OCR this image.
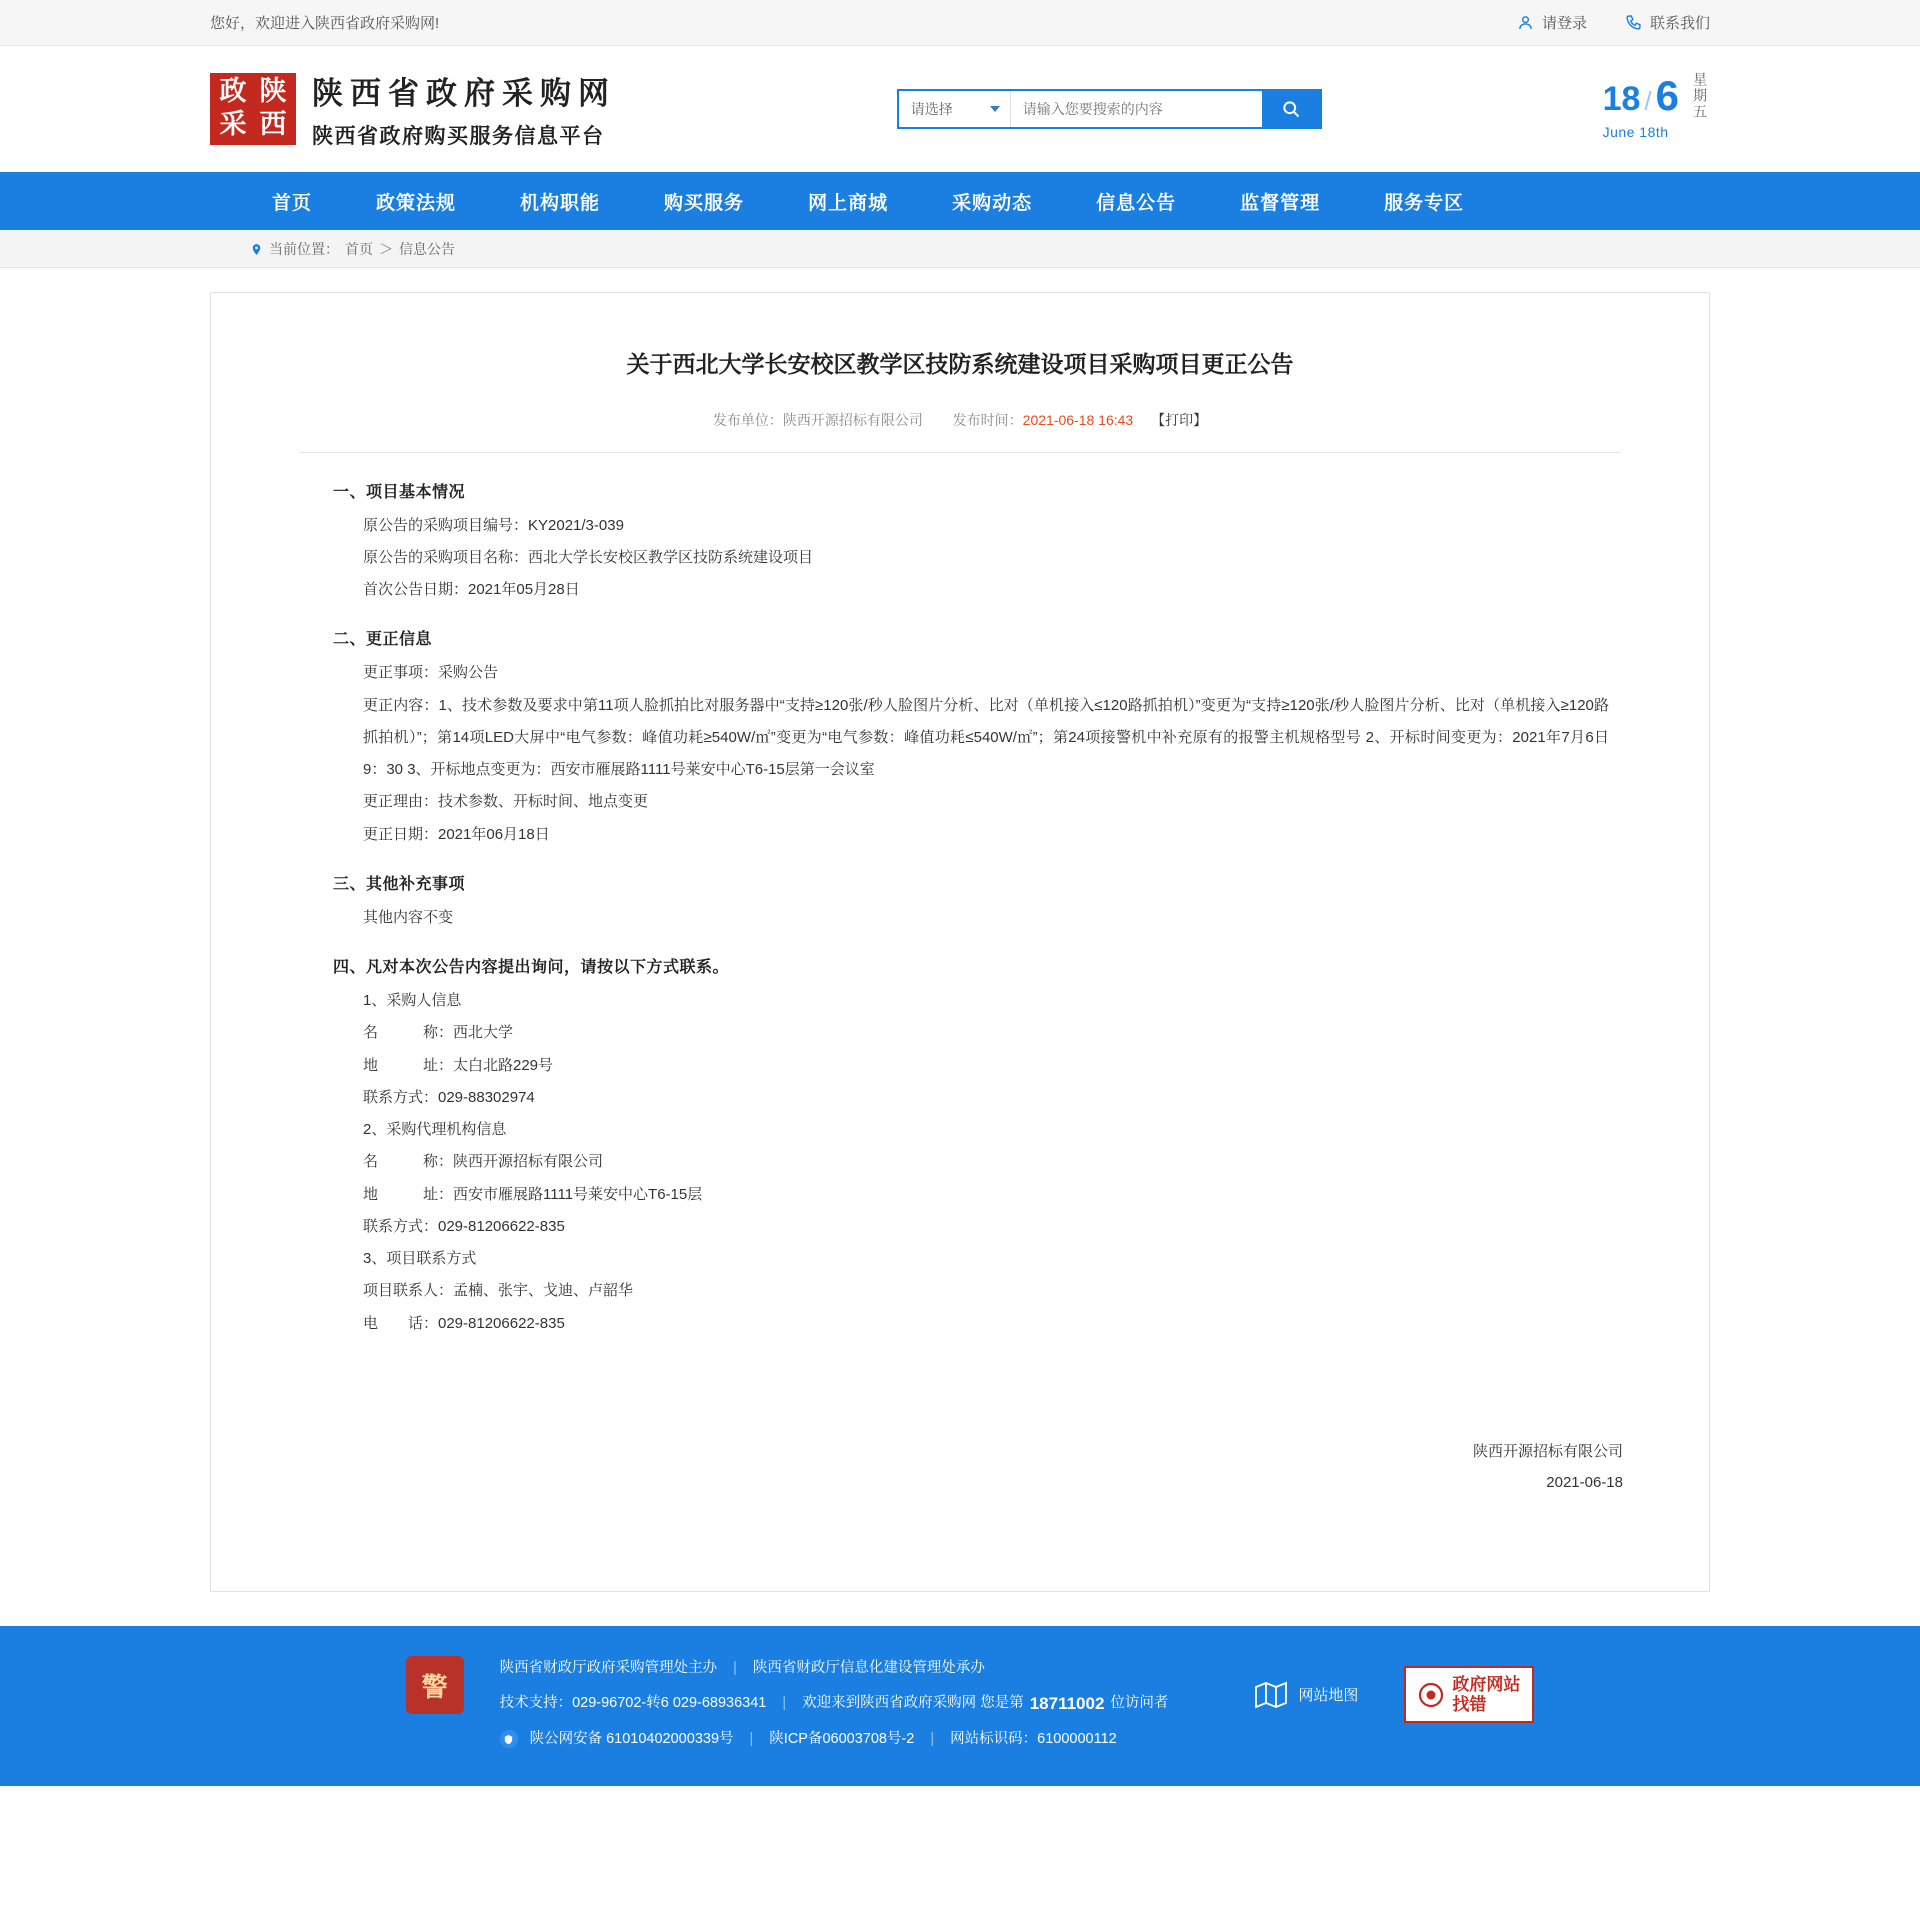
您好，欢迎进入陕西省政府采购网!	请登录	联系我们
政 陕
采 西
陕西省政府采购网
陕西省政府购买服务信息平台
请选择
请输入您要搜索的内容	18 / 6
June 18th
星期五
首页	政策法规	机构职能	购买服务	网上商城	采购动态	信息公告	监督管理	服务专区
当前位置： 首页 ＞ 信息公告
关于西北大学长安校区教学区技防系统建设项目采购项目更正公告
发布单位：陕西开源招标有限公司 发布时间：2021-06-18 16:43 【打印】
一、项目基本情况

原公告的采购项目编号：KY2021/3-039

原公告的采购项目名称：西北大学长安校区教学区技防系统建设项目

首次公告日期：2021年05月28日

二、更正信息

更正事项：采购公告

更正内容：1、技术参数及要求中第11项人脸抓拍比对服务器中“支持≥120张/秒人脸图片分析、比对（单机接入≤120路抓拍机）”变更为“支持≥120张/秒人脸图片分析、比对（单机接入≥120路抓拍机）”；第14项LED大屏中“电气参数：峰值功耗≥540W/㎡”变更为“电气参数：峰值功耗≤540W/㎡”；第24项接警机中补充原有的报警主机规格型号 2、开标时间变更为：2021年7月6日 9：30 3、开标地点变更为：西安市雁展路1111号莱安中心T6-15层第一会议室

更正理由：技术参数、开标时间、地点变更

更正日期：2021年06月18日

三、其他补充事项

其他内容不变

四、凡对本次公告内容提出询问，请按以下方式联系。

1、采购人信息

名　　　称：西北大学

地　　　址：太白北路229号

联系方式：029-88302974

2、采购代理机构信息

名　　　称：陕西开源招标有限公司

地　　　址：西安市雁展路1111号莱安中心T6-15层

联系方式：029-81206622-835

3、项目联系方式

项目联系人：孟楠、张宇、戈迪、卢韶华

电　　话：029-81206622-835

陕西开源招标有限公司
2021-06-18
警
陕西省财政厅政府采购管理处主办	|	陕西省财政厅信息化建设管理处承办
技术支持：029-96702-转6 029-68936341	|	欢迎来到陕西省政府采购网 您是第 18711002 位访问者
陕公网安备 61010402000339号	|	陕ICP备06003708号-2	|	网站标识码：6100000112
网站地图
政府网站
找错
